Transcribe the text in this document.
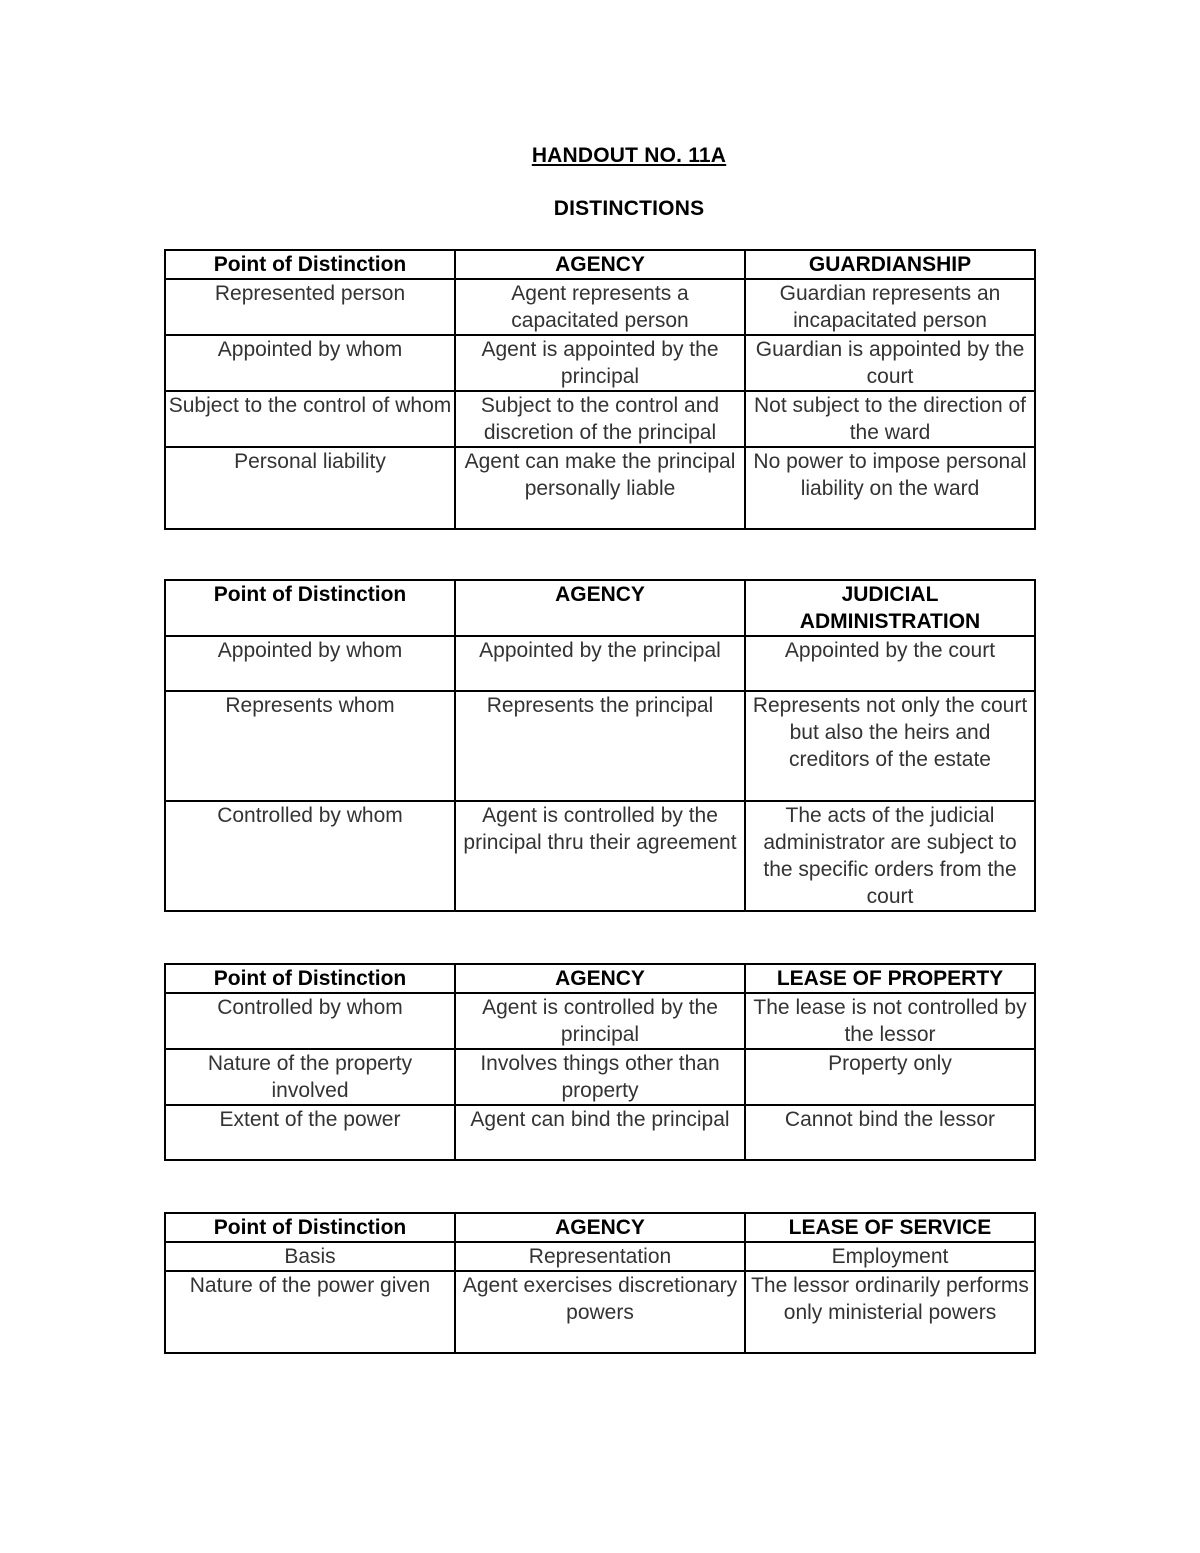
HANDOUT NO. 11A
DISTINCTIONS
Point of Distinction	AGENCY	GUARDIANSHIP
Represented person	Agent represents a capacitated person	Guardian represents an incapacitated person
Appointed by whom	Agent is appointed by the principal	Guardian is appointed by the court
Subject to the control of whom	Subject to the control and discretion of the principal	Not subject to the direction of the ward
Personal liability	Agent can make the principal personally liable	No power to impose personal liability on the ward
Point of Distinction	AGENCY	JUDICIAL ADMINISTRATION
Appointed by whom	Appointed by the principal	Appointed by the court
Represents whom	Represents the principal	Represents not only the court but also the heirs and creditors of the estate
Controlled by whom	Agent is controlled by the principal thru their agreement	The acts of the judicial administrator are subject to the specific orders from the court
Point of Distinction	AGENCY	LEASE OF PROPERTY
Controlled by whom	Agent is controlled by the principal	The lease is not controlled by the lessor
Nature of the property involved	Involves things other than property	Property only
Extent of the power	Agent can bind the principal	Cannot bind the lessor
Point of Distinction	AGENCY	LEASE OF SERVICE
Basis	Representation	Employment
Nature of the power given	Agent exercises discretionary powers	The lessor ordinarily performs only ministerial powers
